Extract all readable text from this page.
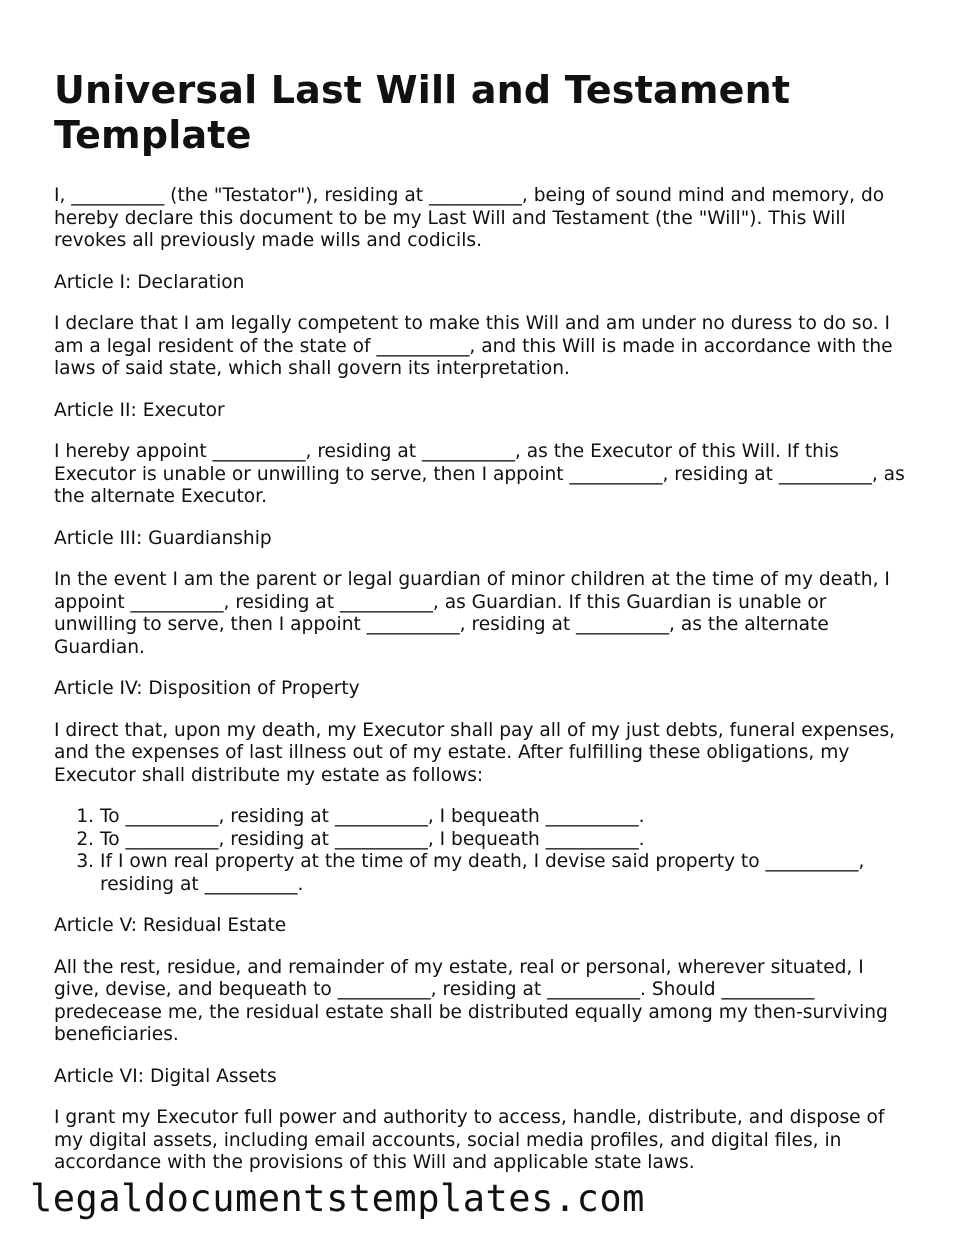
Universal Last Will and Testament Template

I, __________ (the "Testator"), residing at __________, being of sound mind and memory, do hereby declare this document to be my Last Will and Testament (the "Will"). This Will revokes all previously made wills and codicils.

Article I: Declaration

I declare that I am legally competent to make this Will and am under no duress to do so. I am a legal resident of the state of __________, and this Will is made in accordance with the laws of said state, which shall govern its interpretation.

Article II: Executor

I hereby appoint __________, residing at __________, as the Executor of this Will. If this Executor is unable or unwilling to serve, then I appoint __________, residing at __________, as the alternate Executor.

Article III: Guardianship

In the event I am the parent or legal guardian of minor children at the time of my death, I appoint __________, residing at __________, as Guardian. If this Guardian is unable or unwilling to serve, then I appoint __________, residing at __________, as the alternate Guardian.

Article IV: Disposition of Property

I direct that, upon my death, my Executor shall pay all of my just debts, funeral expenses, and the expenses of last illness out of my estate. After fulfilling these obligations, my Executor shall distribute my estate as follows:

1. To __________, residing at __________, I bequeath __________.
2. To __________, residing at __________, I bequeath __________.
3. If I own real property at the time of my death, I devise said property to __________, residing at __________.

Article V: Residual Estate

All the rest, residue, and remainder of my estate, real or personal, wherever situated, I give, devise, and bequeath to __________, residing at __________. Should __________ predecease me, the residual estate shall be distributed equally among my then-surviving beneficiaries.

Article VI: Digital Assets

I grant my Executor full power and authority to access, handle, distribute, and dispose of my digital assets, including email accounts, social media profiles, and digital files, in accordance with the provisions of this Will and applicable state laws.

legaldocumentstemplates.com
